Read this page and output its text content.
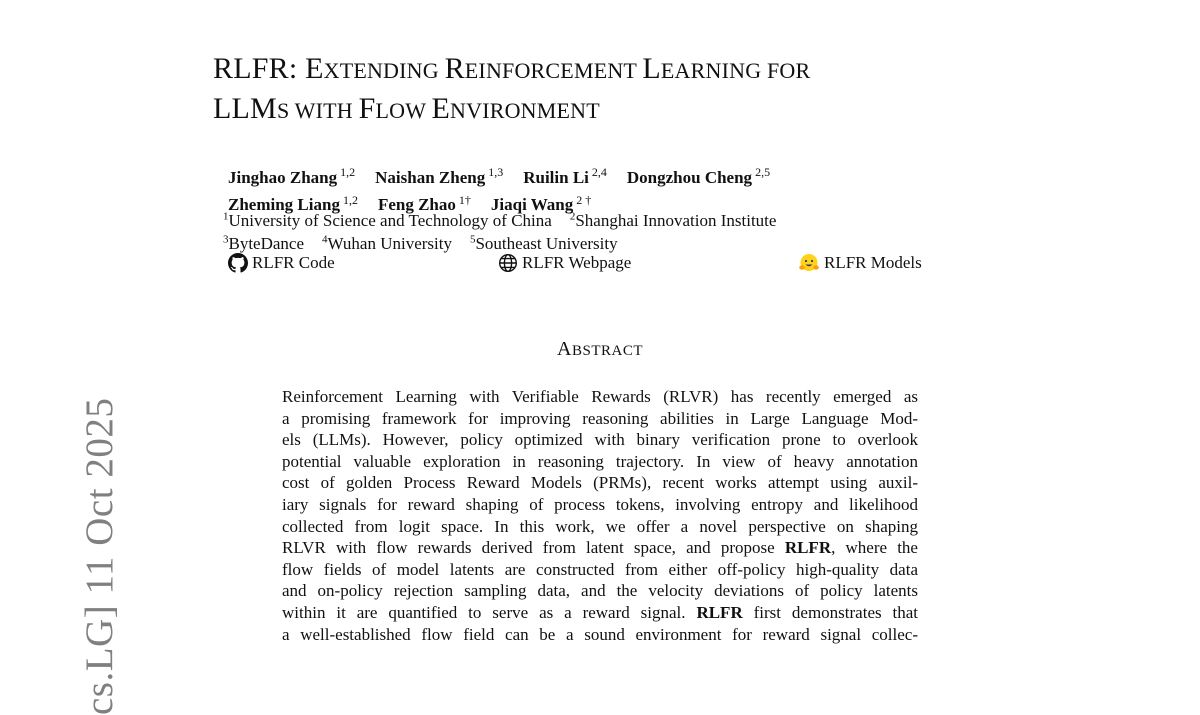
cs.LG] 11 Oct 2025
RLFR: EXTENDING REINFORCEMENT LEARNING FOR
LLMS WITH FLOW ENVIRONMENT
Jinghao Zhang $^{1,2}$ Naishan Zheng $^{1,3}$ Ruilin Li $^{2,4}$ Dongzhou Cheng $^{2,5}$
Zheming Liang $^{1,2}$ Feng Zhao $^{1\dagger}$ Jiaqi Wang $^{2 \dagger}$
$^1$University of Science and Technology of China $^2$Shanghai Innovation Institute
$^3$ByteDance $^4$Wuhan University $^5$Southeast University
RLFR Code	RLFR Webpage	RLFR Models
ABSTRACT
Reinforcement Learning with Verifiable Rewards (RLVR) has recently emerged as
a promising framework for improving reasoning abilities in Large Language Mod-
els (LLMs). However, policy optimized with binary verification prone to overlook
potential valuable exploration in reasoning trajectory. In view of heavy annotation
cost of golden Process Reward Models (PRMs), recent works attempt using auxil-
iary signals for reward shaping of process tokens, involving entropy and likelihood
collected from logit space. In this work, we offer a novel perspective on shaping
RLVR with flow rewards derived from latent space, and propose RLFR, where the
flow fields of model latents are constructed from either off-policy high-quality data
and on-policy rejection sampling data, and the velocity deviations of policy latents
within it are quantified to serve as a reward signal. RLFR first demonstrates that
a well-established flow field can be a sound environment for reward signal collec-
